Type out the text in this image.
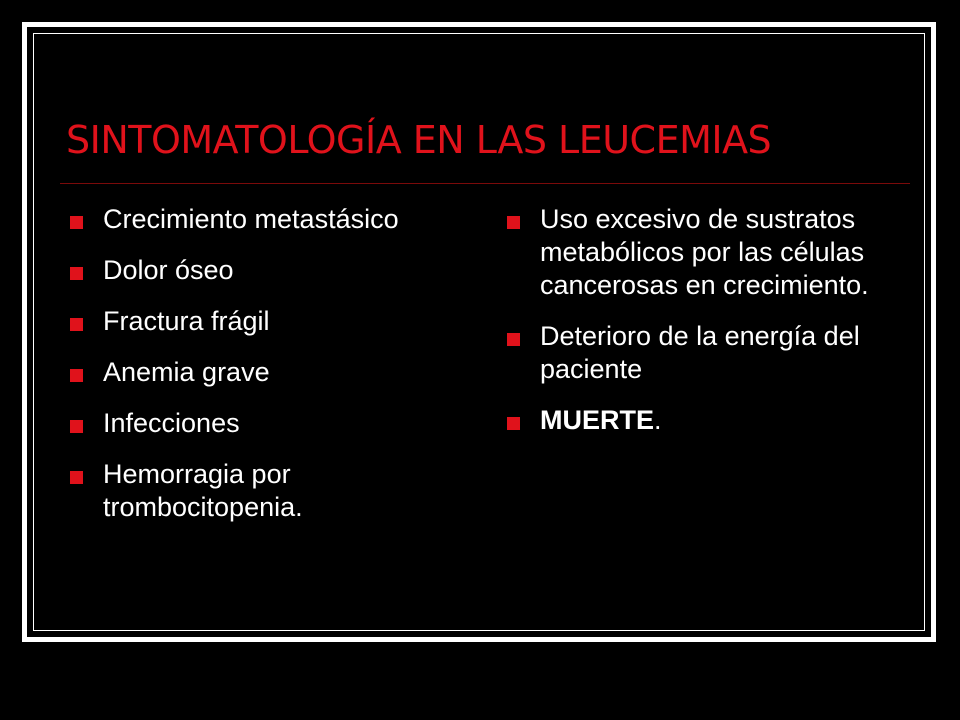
SINTOMATOLOGÍA EN LAS LEUCEMIAS
Crecimiento metastásico
Dolor óseo
Fractura frágil
Anemia grave
Infecciones
Hemorragia por trombocitopenia.
Uso excesivo de sustratos metabólicos por las células cancerosas en crecimiento.
Deterioro de la energía del paciente
MUERTE.
